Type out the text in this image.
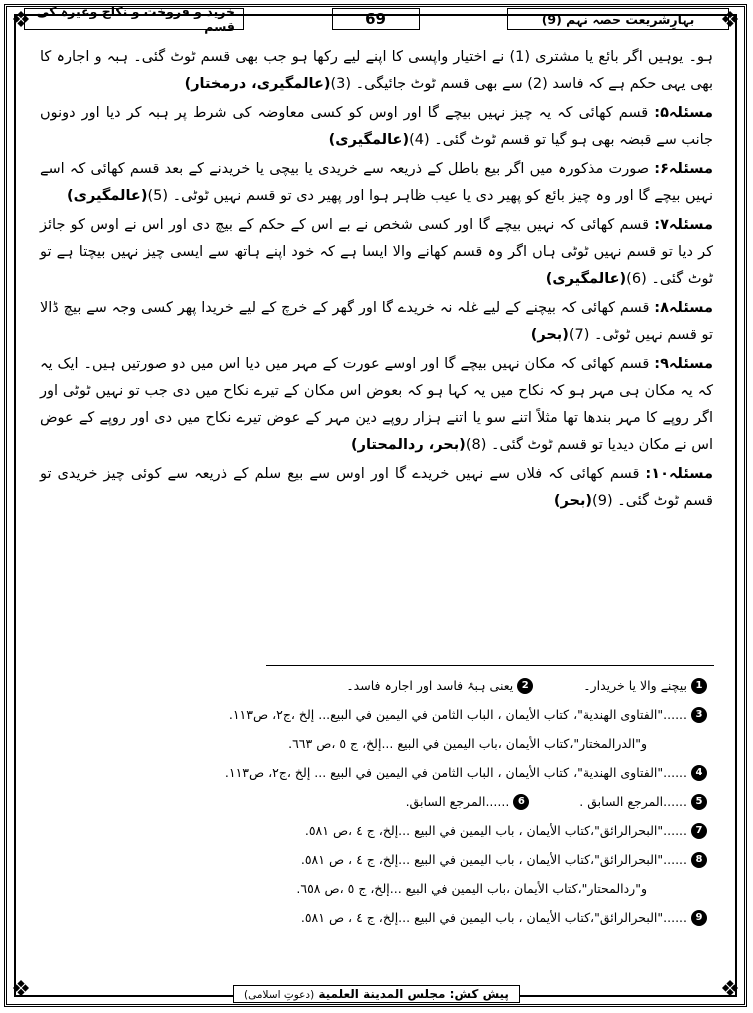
❖	❖
❖	❖
بہارِشریعت حصہ نہم (9)
69
خرید و فروخت و نکاح وغیرہ کی قسم

ہو۔ یوہیں اگر بائع یا مشتری (1) نے اختیار واپسی کا اپنے لیے رکھا ہو جب بھی قسم ٹوٹ گئی۔ ہبہ و اجارہ کا بھی یہی حکم ہے کہ فاسد (2) سے بھی قسم ٹوٹ جائیگی۔ (3)(عالمگیری، درمختار)

مسئلہ۵: قسم کھائی کہ یہ چیز نہیں بیچے گا اور اوس کو کسی معاوضہ کی شرط پر ہبہ کر دیا اور دونوں جانب سے قبضہ بھی ہو گیا تو قسم ٹوٹ گئی۔ (4)(عالمگیری)

مسئلہ۶: صورت مذکورہ میں اگر بیع باطل کے ذریعہ سے خریدی یا بیچی یا خریدنے کے بعد قسم کھائی کہ اسے نہیں بیچے گا اور وہ چیز بائع کو پھیر دی یا عیب ظاہر ہوا اور پھیر دی تو قسم نہیں ٹوٹی۔ (5)(عالمگیری)

مسئلہ۷: قسم کھائی کہ نہیں بیچے گا اور کسی شخص نے بے اس کے حکم کے بیچ دی اور اس نے اوس کو جائز کر دیا تو قسم نہیں ٹوٹی ہاں اگر وہ قسم کھانے والا ایسا ہے کہ خود اپنے ہاتھ سے ایسی چیز نہیں بیچتا ہے تو ٹوٹ گئی۔ (6)(عالمگیری)

مسئلہ۸: قسم کھائی کہ بیچنے کے لیے غلہ نہ خریدے گا اور گھر کے خرچ کے لیے خریدا پھر کسی وجہ سے بیچ ڈالا تو قسم نہیں ٹوٹی۔ (7)(بحر)

مسئلہ۹: قسم کھائی کہ مکان نہیں بیچے گا اور اوسے عورت کے مہر میں دیا اس میں دو صورتیں ہیں۔ ایک یہ کہ یہ مکان ہی مہر ہو کہ نکاح میں یہ کہا ہو کہ بعوض اس مکان کے تیرے نکاح میں دی جب تو نہیں ٹوٹی اور اگر روپے کا مہر بندھا تھا مثلاً اتنے سو یا اتنے ہزار روپے دین مہر کے عوض تیرے نکاح میں دی اور روپے کے عوض اس نے مکان دیدیا تو قسم ٹوٹ گئی۔ (8)(بحر، ردالمحتار)

مسئلہ۱۰: قسم کھائی کہ فلاں سے نہیں خریدے گا اور اوس سے بیع سلم کے ذریعہ سے کوئی چیز خریدی تو قسم ٹوٹ گئی۔ (9)(بحر)

1
بیچنے والا یا خریدار۔
2
یعنی ہبۂ فاسد اور اجارہ فاسد۔
3
......"الفتاوی الهندية"، كتاب الأيمان ، الباب الثامن في اليمين في البيع... إلخ ،ج٢، ص١١٣.
و"الدرالمختار"،كتاب الأيمان ،باب اليمين في البيع ...إلخ، ج ٥ ،ص ٦٦٣.
4
......"الفتاوى الهندية"، كتاب الأيمان ، الباب الثامن في اليمين في البيع ... إلخ ،ج٢، ص١١٣.
5
......المرجع السابق .
6
......المرجع السابق.
7
......"البحرالرائق"،كتاب الأيمان ، باب اليمين في البيع ...إلخ، ج ٤ ،ص ٥٨١.
8
......"البحرالرائق"،كتاب الأيمان ، باب اليمين في البيع ...إلخ، ج ٤ ، ص ٥٨١.
و"ردالمحتار"،كتاب الأيمان ،باب اليمين في البيع ...إلخ، ج ٥ ،ص ٦٥٨.
9
......"البحرالرائق"،كتاب الأيمان ، باب اليمين في البيع ...إلخ، ج ٤ ، ص ٥٨١.
پیش کش: مجلس المدينة العلمية (دعوتِ اسلامی)
